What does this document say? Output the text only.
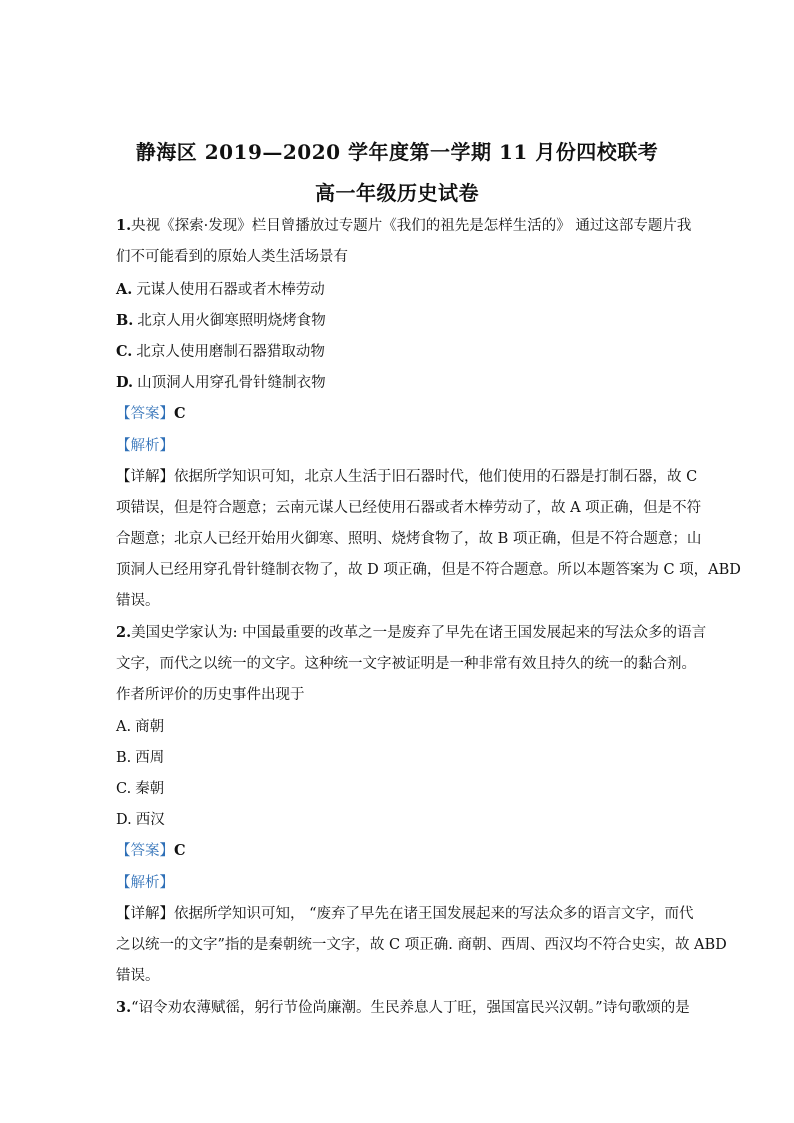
静海区 2019—2020 学年度第一学期 11 月份四校联考
高一年级历史试卷
1.央视《探索·发现》栏目曾播放过专题片《我们的祖先是怎样生活的》 通过这部专题片我
们不可能看到的原始人类生活场景有
A. 元谋人使用石器或者木棒劳动
B. 北京人用火御寒照明烧烤食物
C. 北京人使用磨制石器猎取动物
D. 山顶洞人用穿孔骨针缝制衣物
【答案】C
【解析】
【详解】依据所学知识可知，北京人生活于旧石器时代，他们使用的石器是打制石器，故 C
项错误，但是符合题意；云南元谋人已经使用石器或者木棒劳动了，故 A 项正确，但是不符
合题意；北京人已经开始用火御寒、照明、烧烤食物了，故 B 项正确，但是不符合题意；山
顶洞人已经用穿孔骨针缝制衣物了，故 D 项正确，但是不符合题意。所以本题答案为 C 项，ABD
错误。
2.美国史学家认为: 中国最重要的改革之一是废弃了早先在诸王国发展起来的写法众多的语言
文字，而代之以统一的文字。这种统一文字被证明是一种非常有效且持久的统一的黏合剂。
作者所评价的历史事件出现于
A. 商朝
B. 西周
C. 秦朝
D. 西汉
【答案】C
【解析】
【详解】依据所学知识可知， “废弃了早先在诸王国发展起来的写法众多的语言文字，而代
之以统一的文字”指的是秦朝统一文字，故 C 项正确. 商朝、西周、西汉均不符合史实，故 ABD
错误。
3.“诏令劝农薄赋徭，躬行节俭尚廉潮。生民养息人丁旺，强国富民兴汉朝。”诗句歌颂的是
